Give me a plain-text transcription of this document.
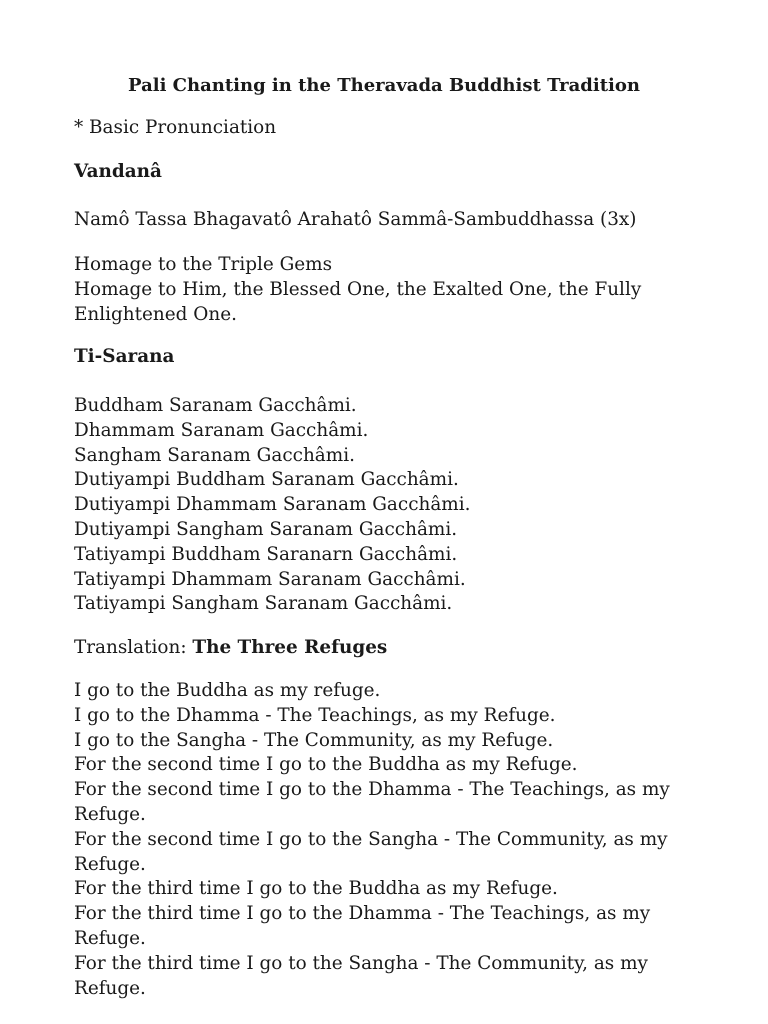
Pali Chanting in the Theravada Buddhist Tradition

* Basic Pronunciation

Vandanâ

Namô Tassa Bhagavatô Arahatô Sammâ-Sambuddhassa (3x)

Homage to the Triple Gems
Homage to Him, the Blessed One, the Exalted One, the Fully
Enlightened One.

Ti-Sarana

Buddham Saranam Gacchâmi.
Dhammam Saranam Gacchâmi.
Sangham Saranam Gacchâmi.
Dutiyampi Buddham Saranam Gacchâmi.
Dutiyampi Dhammam Saranam Gacchâmi.
Dutiyampi Sangham Saranam Gacchâmi.
Tatiyampi Buddham Saranarn Gacchâmi.
Tatiyampi Dhammam Saranam Gacchâmi.
Tatiyampi Sangham Saranam Gacchâmi.

Translation: The Three Refuges

I go to the Buddha as my refuge.
I go to the Dhamma - The Teachings, as my Refuge.
I go to the Sangha - The Community, as my Refuge.
For the second time I go to the Buddha as my Refuge.
For the second time I go to the Dhamma - The Teachings, as my
Refuge.
For the second time I go to the Sangha - The Community, as my
Refuge.
For the third time I go to the Buddha as my Refuge.
For the third time I go to the Dhamma - The Teachings, as my
Refuge.
For the third time I go to the Sangha - The Community, as my
Refuge.
